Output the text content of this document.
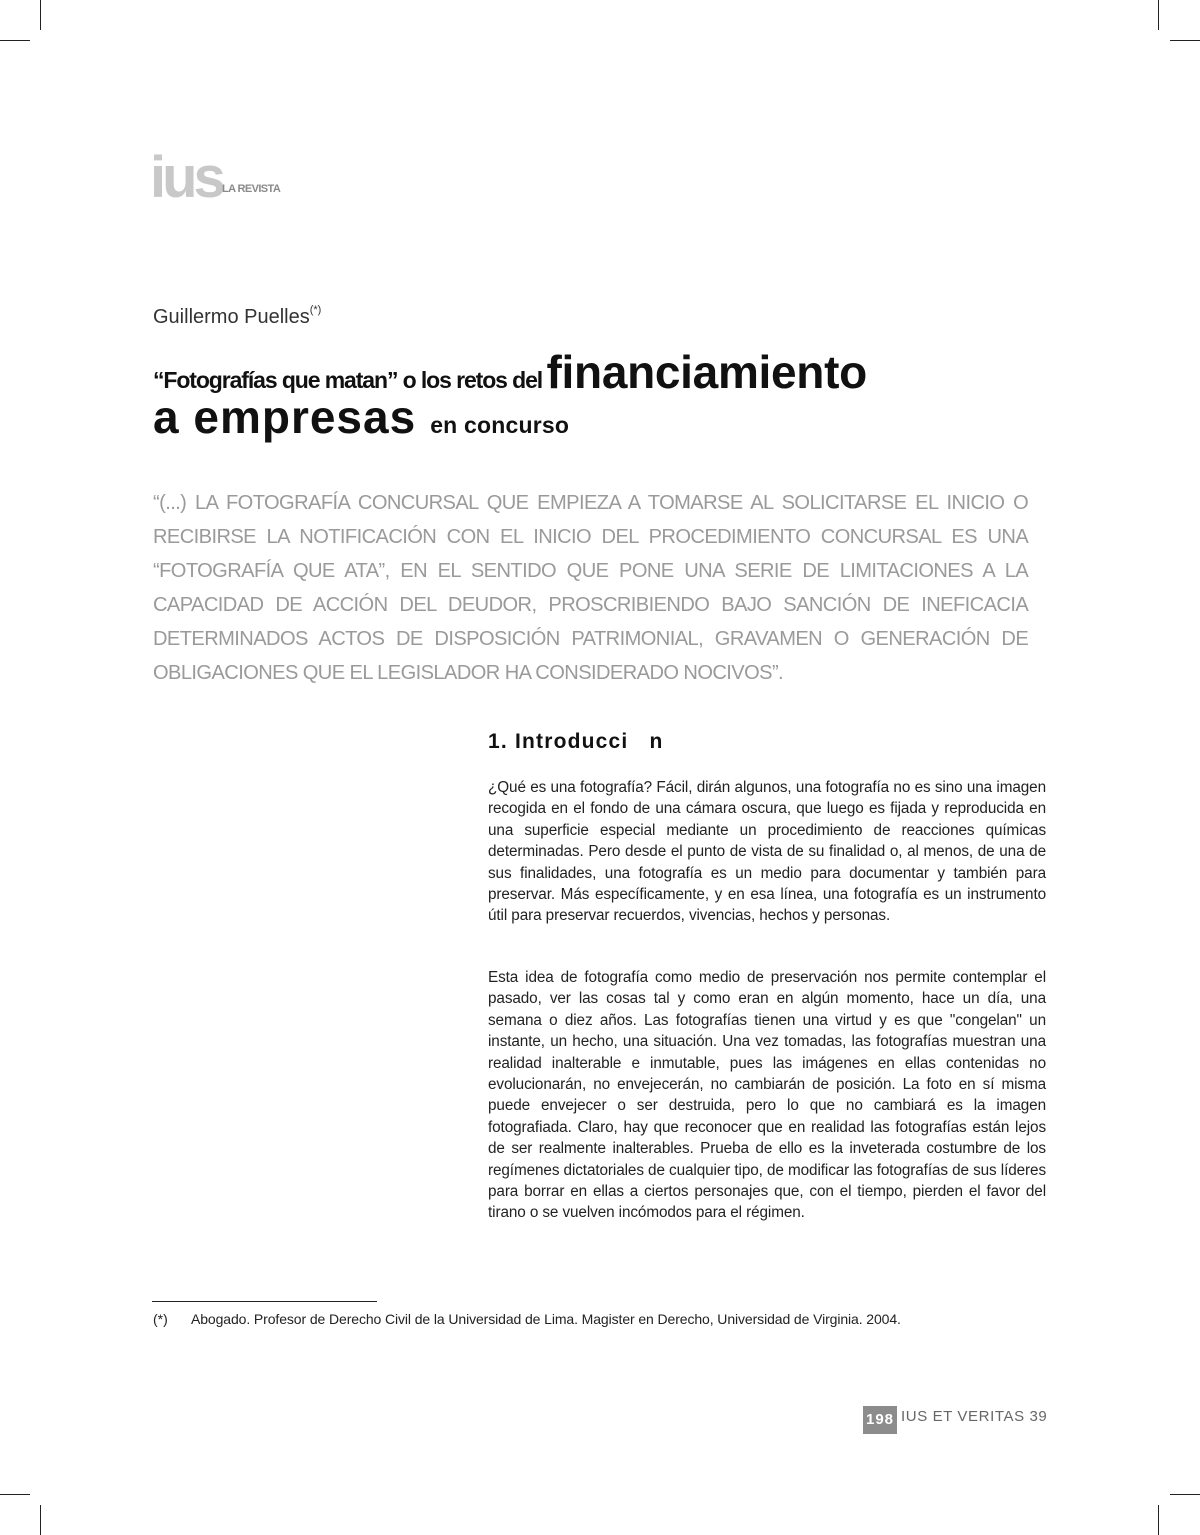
ius LA REVISTA
Guillermo Puelles(*)
“Fotografías que matan” o los retos del financiamiento
a empresas en concurso
“(...) LA FOTOGRAFÍA CONCURSAL QUE EMPIEZA A TOMARSE AL SOLICITARSE EL INICIO O RECIBIRSE LA NOTIFICACIÓN CON EL INICIO DEL PROCEDIMIENTO CONCURSAL ES UNA “FOTOGRAFÍA QUE ATA”, EN EL SENTIDO QUE PONE UNA SERIE DE LIMITACIONES A LA CAPACIDAD DE ACCIÓN DEL DEUDOR, PROSCRIBIENDO BAJO SANCIÓN DE INEFICACIA DETERMINADOS ACTOS DE DISPOSICIÓN PATRIMONIAL, GRAVAMEN O GENERACIÓN DE OBLIGACIONES QUE EL LEGISLADOR HA CONSIDERADO NOCIVOS”.
1. Introducci   n
¿Qué es una fotografía? Fácil, dirán algunos, una fotografía no es sino una imagen recogida en el fondo de una cámara oscura, que luego es fijada y reproducida en una superficie especial mediante un procedimiento de reacciones químicas determinadas. Pero desde el punto de vista de su finalidad o, al menos, de una de sus finalidades, una fotografía es un medio para documentar y también para preservar. Más específicamente, y en esa línea, una fotografía es un instrumento útil para preservar recuerdos, vivencias, hechos y personas.
Esta idea de fotografía como medio de preservación nos permite contemplar el pasado, ver las cosas tal y como eran en algún momento, hace un día, una semana o diez años. Las fotografías tienen una virtud y es que "congelan" un instante, un hecho, una situación. Una vez tomadas, las fotografías muestran una realidad inalterable e inmutable, pues las imágenes en ellas contenidas no evolucionarán, no envejecerán, no cambiarán de posición. La foto en sí misma puede envejecer o ser destruida, pero lo que no cambiará es la imagen fotografiada. Claro, hay que reconocer que en realidad las fotografías están lejos de ser realmente inalterables. Prueba de ello es la inveterada costumbre de los regímenes dictatoriales de cualquier tipo, de modificar las fotografías de sus líderes para borrar en ellas a ciertos personajes que, con el tiempo, pierden el favor del tirano o se vuelven incómodos para el régimen.
(*) Abogado. Profesor de Derecho Civil de la Universidad de Lima. Magister en Derecho, Universidad de Virginia. 2004.
198 IUS ET VERITAS 39
